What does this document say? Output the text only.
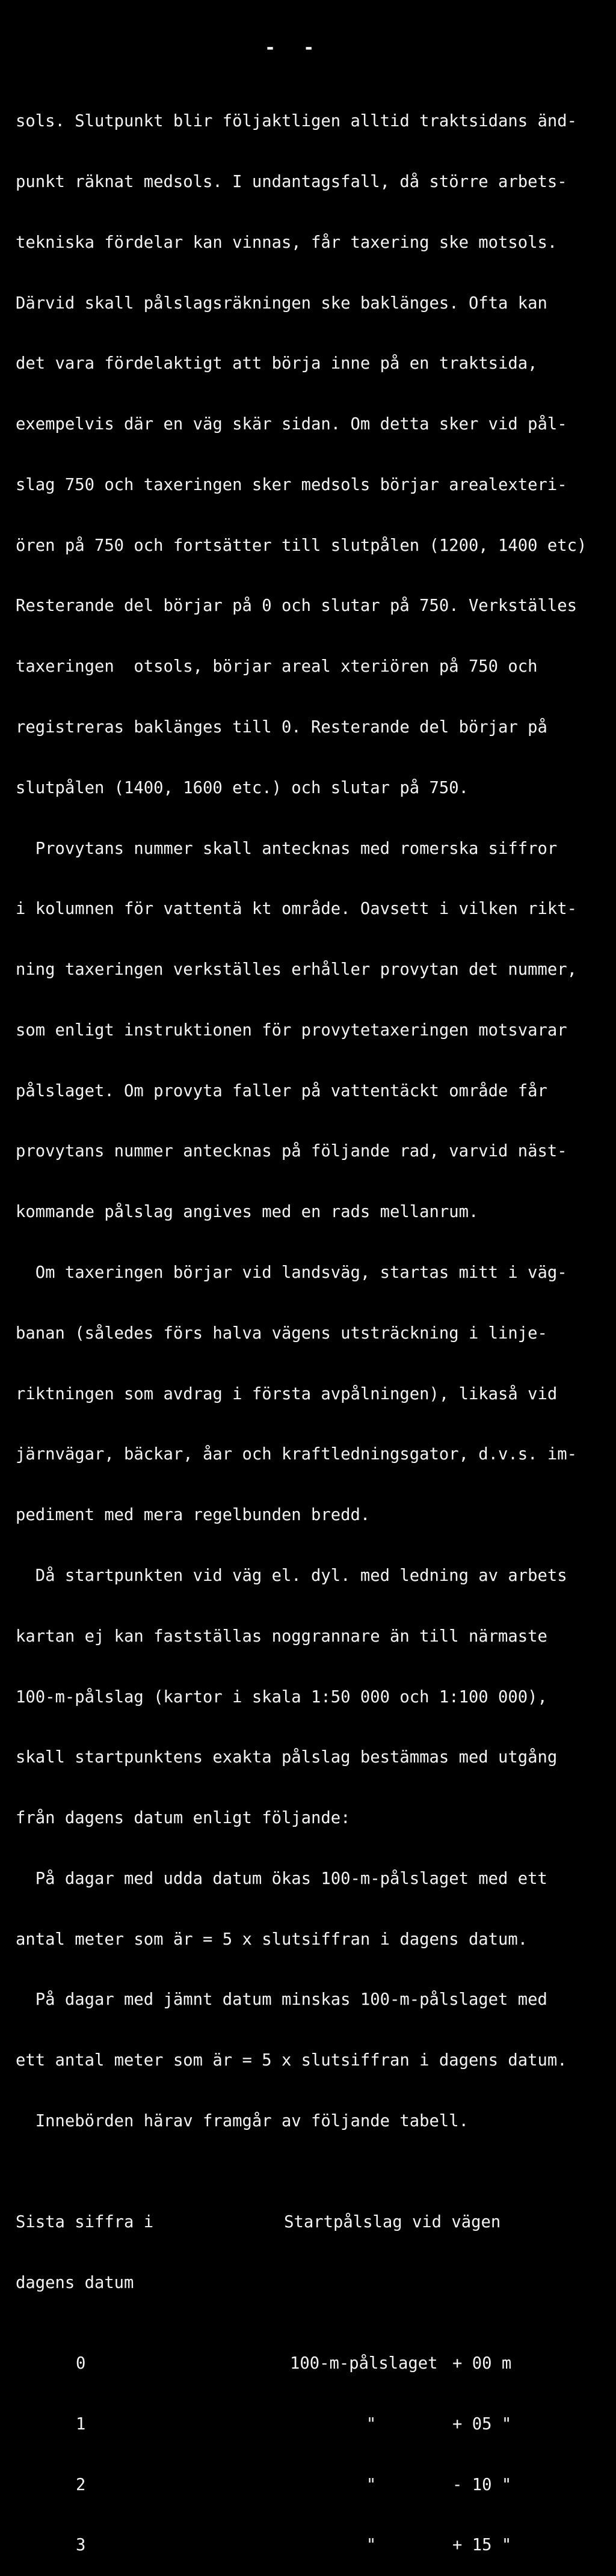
- -

sols. Slutpunkt blir följaktligen alltid traktsidans änd-

punkt räknat medsols. I undantagsfall, då större arbets-

tekniska fördelar kan vinnas, får taxering ske motsols.

Därvid skall pålslagsräkningen ske baklänges. Ofta kan

det vara fördelaktigt att börja inne på en traktsida,

exempelvis där en väg skär sidan. Om detta sker vid pål-

slag 750 och taxeringen sker medsols börjar arealexteri-

ören på 750 och fortsätter till slutpålen (1200, 1400 etc)

Resterande del börjar på 0 och slutar på 750. Verkställes

taxeringen  otsols, börjar areal xteriören på 750 och

registreras baklänges till 0. Resterande del börjar på

slutpålen (1400, 1600 etc.) och slutar på 750.

Provytans nummer skall antecknas med romerska siffror

i kolumnen för vattentä kt område. Oavsett i vilken rikt-

ning taxeringen verkställes erhåller provytan det nummer,

som enligt instruktionen för provytetaxeringen motsvarar

pålslaget. Om provyta faller på vattentäckt område får

provytans nummer antecknas på följande rad, varvid näst-

kommande pålslag angives med en rads mellanrum.

Om taxeringen börjar vid landsväg, startas mitt i väg-

banan (således förs halva vägens utsträckning i linje-

riktningen som avdrag i första avpålningen), likaså vid

järnvägar, bäckar, åar och kraftledningsgator, d.v.s. im-

pediment med mera regelbunden bredd.

Då startpunkten vid väg el. dyl. med ledning av arbets

kartan ej kan fastställas noggrannare än till närmaste

100-m-pålslag (kartor i skala 1:50 000 och 1:100 000),

skall startpunktens exakta pålslag bestämmas med utgång

från dagens datum enligt följande:

På dagar med udda datum ökas 100-m-pålslaget med ett

antal meter som är = 5 x slutsiffran i dagens datum.

På dagar med jämnt datum minskas 100-m-pålslaget med

ett antal meter som är = 5 x slutsiffran i dagens datum.

Innebörden härav framgår av följande tabell.

Sista siffra i	Startpålslag vid vägen

dagens datum

0	100-m-pålslaget + 00 m

1	"	+ 05 "

2	"	- 10 "

3	"	+ 15 "
